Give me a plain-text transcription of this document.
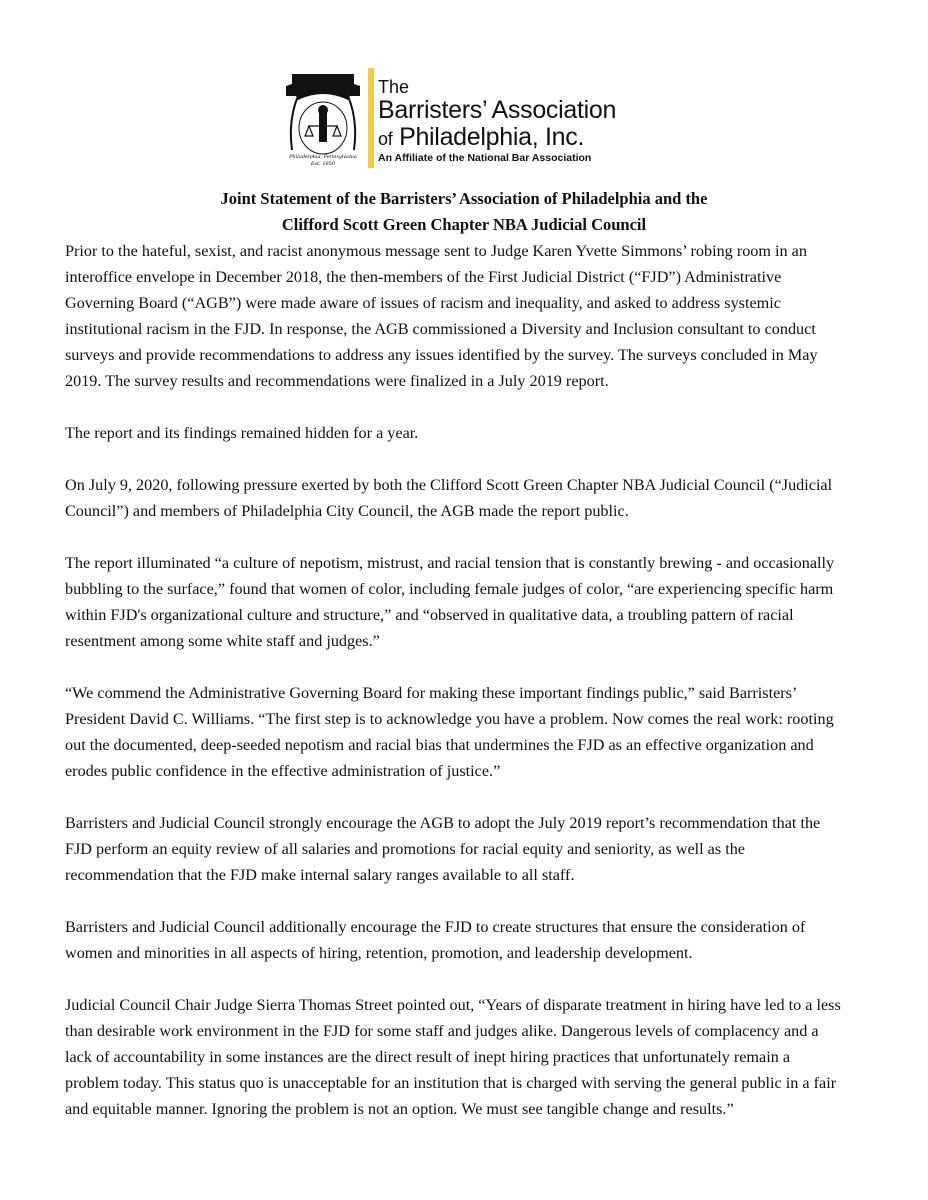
Philadelphia, Pennsylvania
Est. 1950
The
Barristers’ Association
of Philadelphia, Inc.
An Affiliate of the National Bar Association
Joint Statement of the Barristers’ Association of Philadelphia and the
Clifford Scott Green Chapter NBA Judicial Council
Prior to the hateful, sexist, and racist anonymous message sent to Judge Karen Yvette Simmons’ robing room in an
interoffice envelope in December 2018, the then-members of the First Judicial District (“FJD”) Administrative
Governing Board (“AGB”) were made aware of issues of racism and inequality, and asked to address systemic
institutional racism in the FJD. In response, the AGB commissioned a Diversity and Inclusion consultant to conduct
surveys and provide recommendations to address any issues identified by the survey. The surveys concluded in May
2019. The survey results and recommendations were finalized in a July 2019 report.
The report and its findings remained hidden for a year.
On July 9, 2020, following pressure exerted by both the Clifford Scott Green Chapter NBA Judicial Council (“Judicial
Council”) and members of Philadelphia City Council, the AGB made the report public.
The report illuminated “a culture of nepotism, mistrust, and racial tension that is constantly brewing - and occasionally
bubbling to the surface,” found that women of color, including female judges of color, “are experiencing specific harm
within FJD's organizational culture and structure,” and “observed in qualitative data, a troubling pattern of racial
resentment among some white staff and judges.”
“We commend the Administrative Governing Board for making these important findings public,” said Barristers’
President David C. Williams. “The first step is to acknowledge you have a problem. Now comes the real work: rooting
out the documented, deep-seeded nepotism and racial bias that undermines the FJD as an effective organization and
erodes public confidence in the effective administration of justice.”
Barristers and Judicial Council strongly encourage the AGB to adopt the July 2019 report’s recommendation that the
FJD perform an equity review of all salaries and promotions for racial equity and seniority, as well as the
recommendation that the FJD make internal salary ranges available to all staff.
Barristers and Judicial Council additionally encourage the FJD to create structures that ensure the consideration of
women and minorities in all aspects of hiring, retention, promotion, and leadership development.
Judicial Council Chair Judge Sierra Thomas Street pointed out, “Years of disparate treatment in hiring have led to a less
than desirable work environment in the FJD for some staff and judges alike. Dangerous levels of complacency and a
lack of accountability in some instances are the direct result of inept hiring practices that unfortunately remain a
problem today. This status quo is unacceptable for an institution that is charged with serving the general public in a fair
and equitable manner. Ignoring the problem is not an option. We must see tangible change and results.”
